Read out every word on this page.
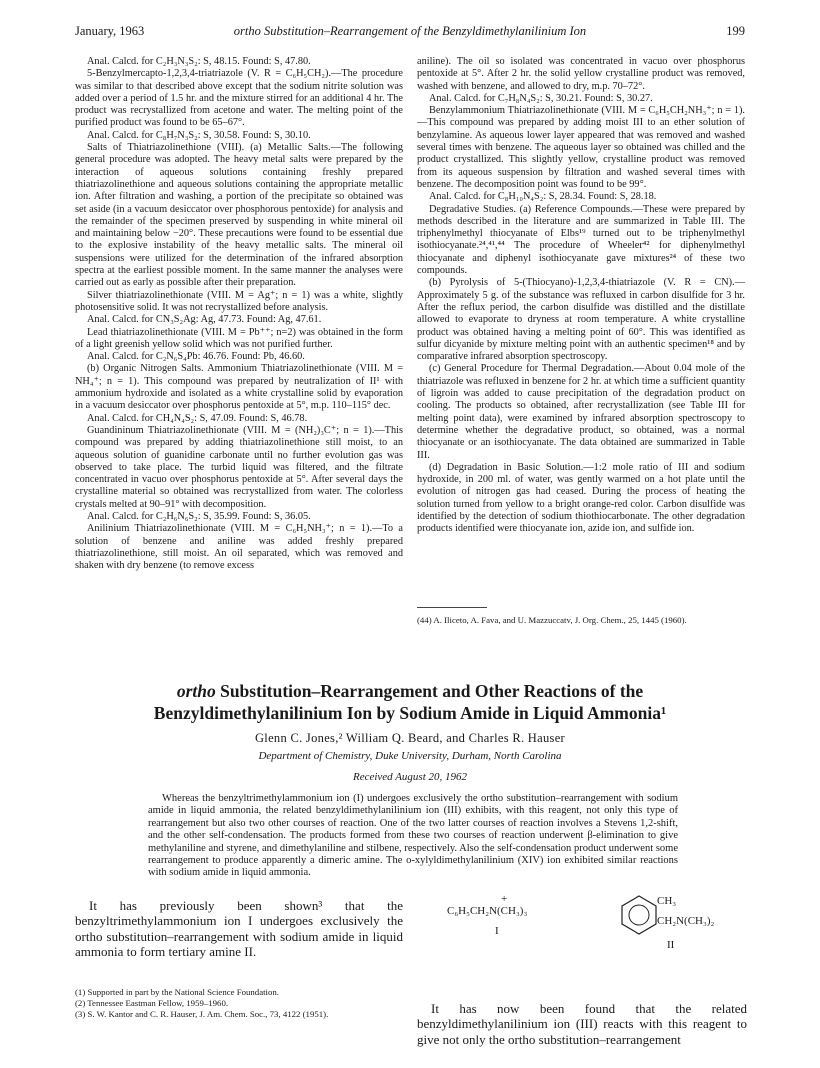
January, 1963	ortho Substitution–Rearrangement of the Benzyldimethylanilinium Ion	199

Anal. Calcd. for C₂H₃N₃S₂: S, 48.15. Found: S, 47.80.

5-Benzylmercapto-1,2,3,4-triatriazole (V. R = C₆H₅CH₂).—The procedure was similar to that described above except that the sodium nitrite solution was added over a period of 1.5 hr. and the mixture stirred for an additional 4 hr. The product was recrystallized from acetone and water. The melting point of the purified product was found to be 65–67°.

Anal. Calcd. for C₈H₇N₃S₂: S, 30.58. Found: S, 30.10.

Salts of Thiatriazolinethione (VIII). (a) Metallic Salts.—The following general procedure was adopted. The heavy metal salts were prepared by the interaction of aqueous solutions containing freshly prepared thiatriazolinethione and aqueous solutions containing the appropriate metallic ion. After filtration and washing, a portion of the precipitate so obtained was set aside (in a vacuum desiccator over phosphorous pentoxide) for analysis and the remainder of the specimen preserved by suspending in white mineral oil and maintaining below −20°. These precautions were found to be essential due to the explosive instability of the heavy metallic salts. The mineral oil suspensions were utilized for the determination of the infrared absorption spectra at the earliest possible moment. In the same manner the analyses were carried out as early as possible after their preparation.

Silver thiatriazolinethionate (VIII. M = Ag⁺; n = 1) was a white, slightly photosensitive solid. It was not recrystallized before analysis.

Anal. Calcd. for CN₃S₂Ag: Ag, 47.73. Found: Ag, 47.61.

Lead thiatriazolinethionate (VIII. M = Pb⁺⁺; n=2) was obtained in the form of a light greenish yellow solid which was not purified further.

Anal. Calcd. for C₂N₆S₄Pb: 46.76. Found: Pb, 46.60.

(b) Organic Nitrogen Salts. Ammonium Thiatriazolinethionate (VIII. M = NH₄⁺; n = 1). This compound was prepared by neutralization of II¹ with ammonium hydroxide and isolated as a white crystalline solid by evaporation in a vacuum desiccator over phosphorus pentoxide at 5°, m.p. 110–115° dec.

Anal. Calcd. for CH₄N₄S₂: S, 47.09. Found: S, 46.78.

Guandininum Thiatriazolinethionate (VIII. M = (NH₂)₃C⁺; n = 1).—This compound was prepared by adding thiatriazolinethione still moist, to an aqueous solution of guanidine carbonate until no further evolution gas was observed to take place. The turbid liquid was filtered, and the filtrate concentrated in vacuo over phosphorus pentoxide at 5°. After several days the crystalline material so obtained was recrystallized from water. The colorless crystals melted at 90–91° with decomposition.

Anal. Calcd. for C₂H₆N₆S₂: S, 35.99. Found: S, 36.05.

Anilinium Thiatriazolinethionate (VIII. M = C₆H₅NH₃⁺; n = 1).—To a solution of benzene and aniline was added freshly prepared thiatriazolinethione, still moist. An oil separated, which was removed and shaken with dry benzene (to remove excess

aniline). The oil so isolated was concentrated in vacuo over phosphorus pentoxide at 5°. After 2 hr. the solid yellow crystalline product was removed, washed with benzene, and allowed to dry, m.p. 70–72°.

Anal. Calcd. for C₇H₈N₄S₂: S, 30.21. Found: S, 30.27.

Benzylammonium Thiatriazolinethionate (VIII. M = C₆H₅CH₂NH₃⁺; n = 1).—This compound was prepared by adding moist III to an ether solution of benzylamine. As aqueous lower layer appeared that was removed and washed several times with benzene. The aqueous layer so obtained was chilled and the product crystallized. This slightly yellow, crystalline product was removed from its aqueous suspension by filtration and washed several times with benzene. The decomposition point was found to be 99°.

Anal. Calcd. for C₈H₁₀N₄S₂: S, 28.34. Found: S, 28.18.

Degradative Studies. (a) Reference Compounds.—These were prepared by methods described in the literature and are summarized in Table III. The triphenylmethyl thiocyanate of Elbs¹⁹ turned out to be triphenylmethyl isothiocyanate.²⁴,⁴¹,⁴⁴ The procedure of Wheeler⁴² for diphenylmethyl thiocyanate and diphenyl isothiocyanate gave mixtures²⁴ of these two compounds.

(b) Pyrolysis of 5-(Thiocyano)-1,2,3,4-thiatriazole (V. R = CN).—Approximately 5 g. of the substance was refluxed in carbon disulfide for 3 hr. After the reflux period, the carbon disulfide was distilled and the distillate allowed to evaporate to dryness at room temperature. A white crystalline product was obtained having a melting point of 60°. This was identified as sulfur dicyanide by mixture melting point with an authentic specimen¹⁸ and by comparative infrared absorption spectroscopy.

(c) General Procedure for Thermal Degradation.—About 0.04 mole of the thiatriazole was refluxed in benzene for 2 hr. at which time a sufficient quantity of ligroin was added to cause precipitation of the degradation product on cooling. The products so obtained, after recrystallization (see Table III for melting point data), were examined by infrared absorption spectroscopy to determine whether the degradative product, so obtained, was a normal thiocyanate or an isothiocyanate. The data obtained are summarized in Table III.

(d) Degradation in Basic Solution.—1:2 mole ratio of III and sodium hydroxide, in 200 ml. of water, was gently warmed on a hot plate until the evolution of nitrogen gas had ceased. During the process of heating the solution turned from yellow to a bright orange-red color. Carbon disulfide was identified by the detection of sodium thiothiocarbonate. The other degradation products identified were thiocyanate ion, azide ion, and sulfide ion.

(44) A. Iliceto, A. Fava, and U. Mazzuccatv, J. Org. Chem., 25, 1445 (1960).
ortho Substitution–Rearrangement and Other Reactions of the
Benzyldimethylanilinium Ion by Sodium Amide in Liquid Ammonia¹
Glenn C. Jones,² William Q. Beard, and Charles R. Hauser
Department of Chemistry, Duke University, Durham, North Carolina
Received August 20, 1962

Whereas the benzyltrimethylammonium ion (I) undergoes exclusively the ortho substitution–rearrangement with sodium amide in liquid ammonia, the related benzyldimethylanilinium ion (III) exhibits, with this reagent, not only this type of rearrangement but also two other courses of reaction. One of the two latter courses of reaction involves a Stevens 1,2-shift, and the other self-condensation. The products formed from these two courses of reaction underwent β-elimination to give methylaniline and styrene, and dimethylaniline and stilbene, respectively. Also the self-condensation product underwent some rearrangement to produce apparently a dimeric amine. The o-xylyldimethylanilinium (XIV) ion exhibited similar reactions with sodium amide in liquid ammonia.

It has previously been shown³ that the benzyltrimethylammonium ion I undergoes exclusively the ortho substitution–rearrangement with sodium amide in liquid ammonia to form tertiary amine II.

(1) Supported in part by the National Science Foundation.
(2) Tennessee Eastman Fellow, 1959–1960.
(3) S. W. Kantor and C. R. Hauser, J. Am. Chem. Soc., 73, 4122 (1951).
+
C₆H₅CH₂N(CH₃)₃
I
CH₃
CH₂N(CH₃)₂
II

It has now been found that the related benzyldimethylanilinium ion (III) reacts with this reagent to give not only the ortho substitution–rearrangement
